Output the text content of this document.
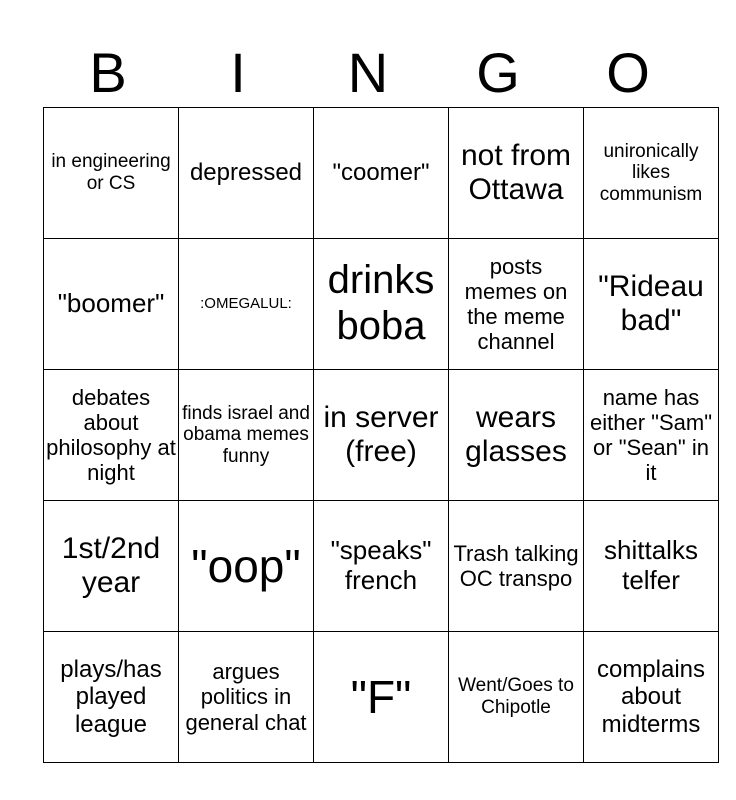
B	I	N	G	O
in engineering or CS	depressed	"coomer"	not from Ottawa	unironically likes communism
"boomer"	:OMEGALUL:	drinks boba	posts memes on the meme channel	"Rideau bad"
debates about philosophy at night	finds israel and obama memes funny	in server (free)	wears glasses	name has either "Sam" or "Sean" in it
1st/2nd year	"oop"	"speaks" french	Trash talking OC transpo	shittalks telfer
plays/has played league	argues politics in general chat	"F"	Went/Goes to Chipotle	complains about midterms
